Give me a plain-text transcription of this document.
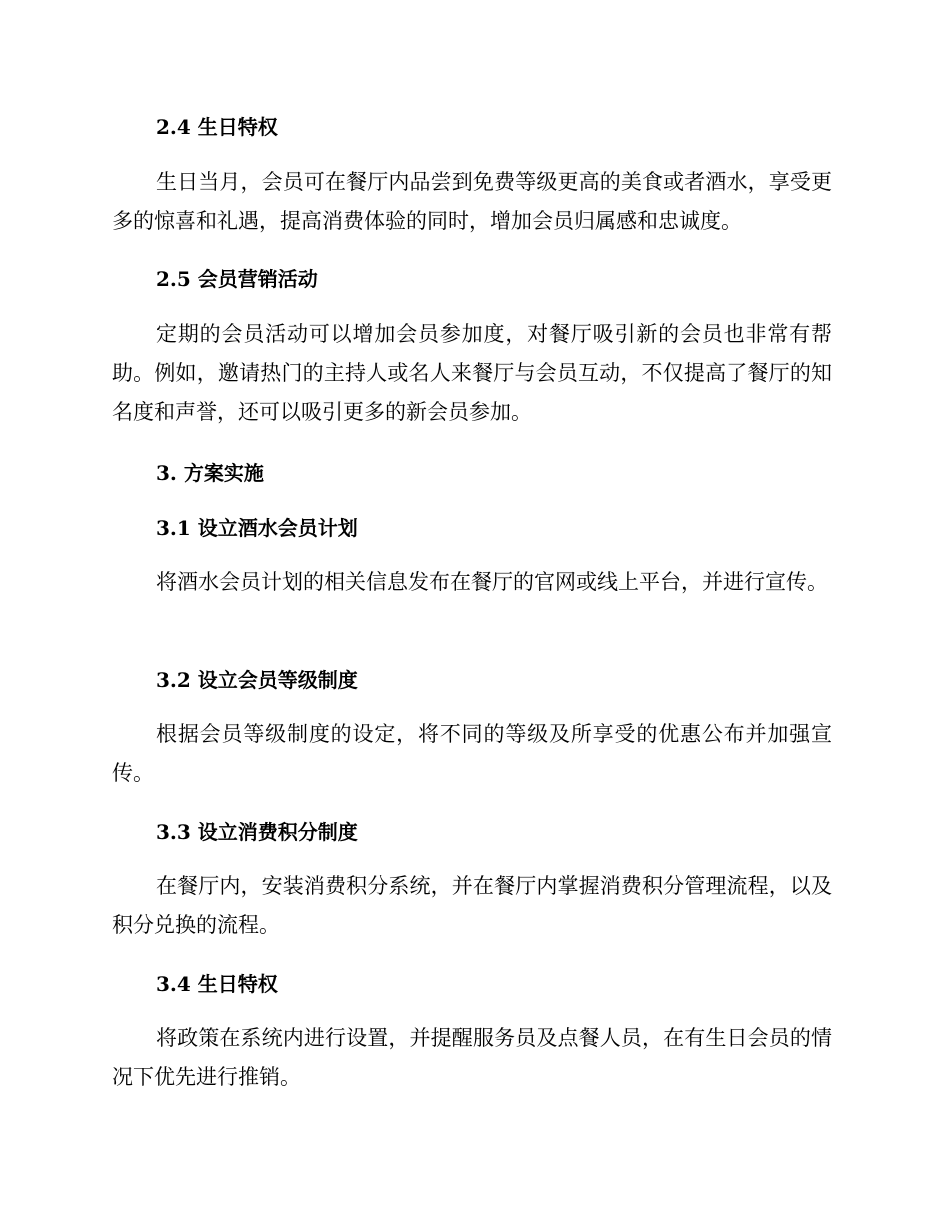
2.4 生日特权

生日当月，会员可在餐厅内品尝到免费等级更高的美食或者酒水，享受更多的惊喜和礼遇，提高消费体验的同时，增加会员归属感和忠诚度。

2.5 会员营销活动

定期的会员活动可以增加会员参加度，对餐厅吸引新的会员也非常有帮助。例如，邀请热门的主持人或名人来餐厅与会员互动，不仅提高了餐厅的知名度和声誉，还可以吸引更多的新会员参加。

3. 方案实施
3.1 设立酒水会员计划

将酒水会员计划的相关信息发布在餐厅的官网或线上平台，并进行宣传。

3.2 设立会员等级制度

根据会员等级制度的设定，将不同的等级及所享受的优惠公布并加强宣传。

3.3 设立消费积分制度

在餐厅内，安装消费积分系统，并在餐厅内掌握消费积分管理流程，以及积分兑换的流程。

3.4 生日特权

将政策在系统内进行设置，并提醒服务员及点餐人员，在有生日会员的情况下优先进行推销。
